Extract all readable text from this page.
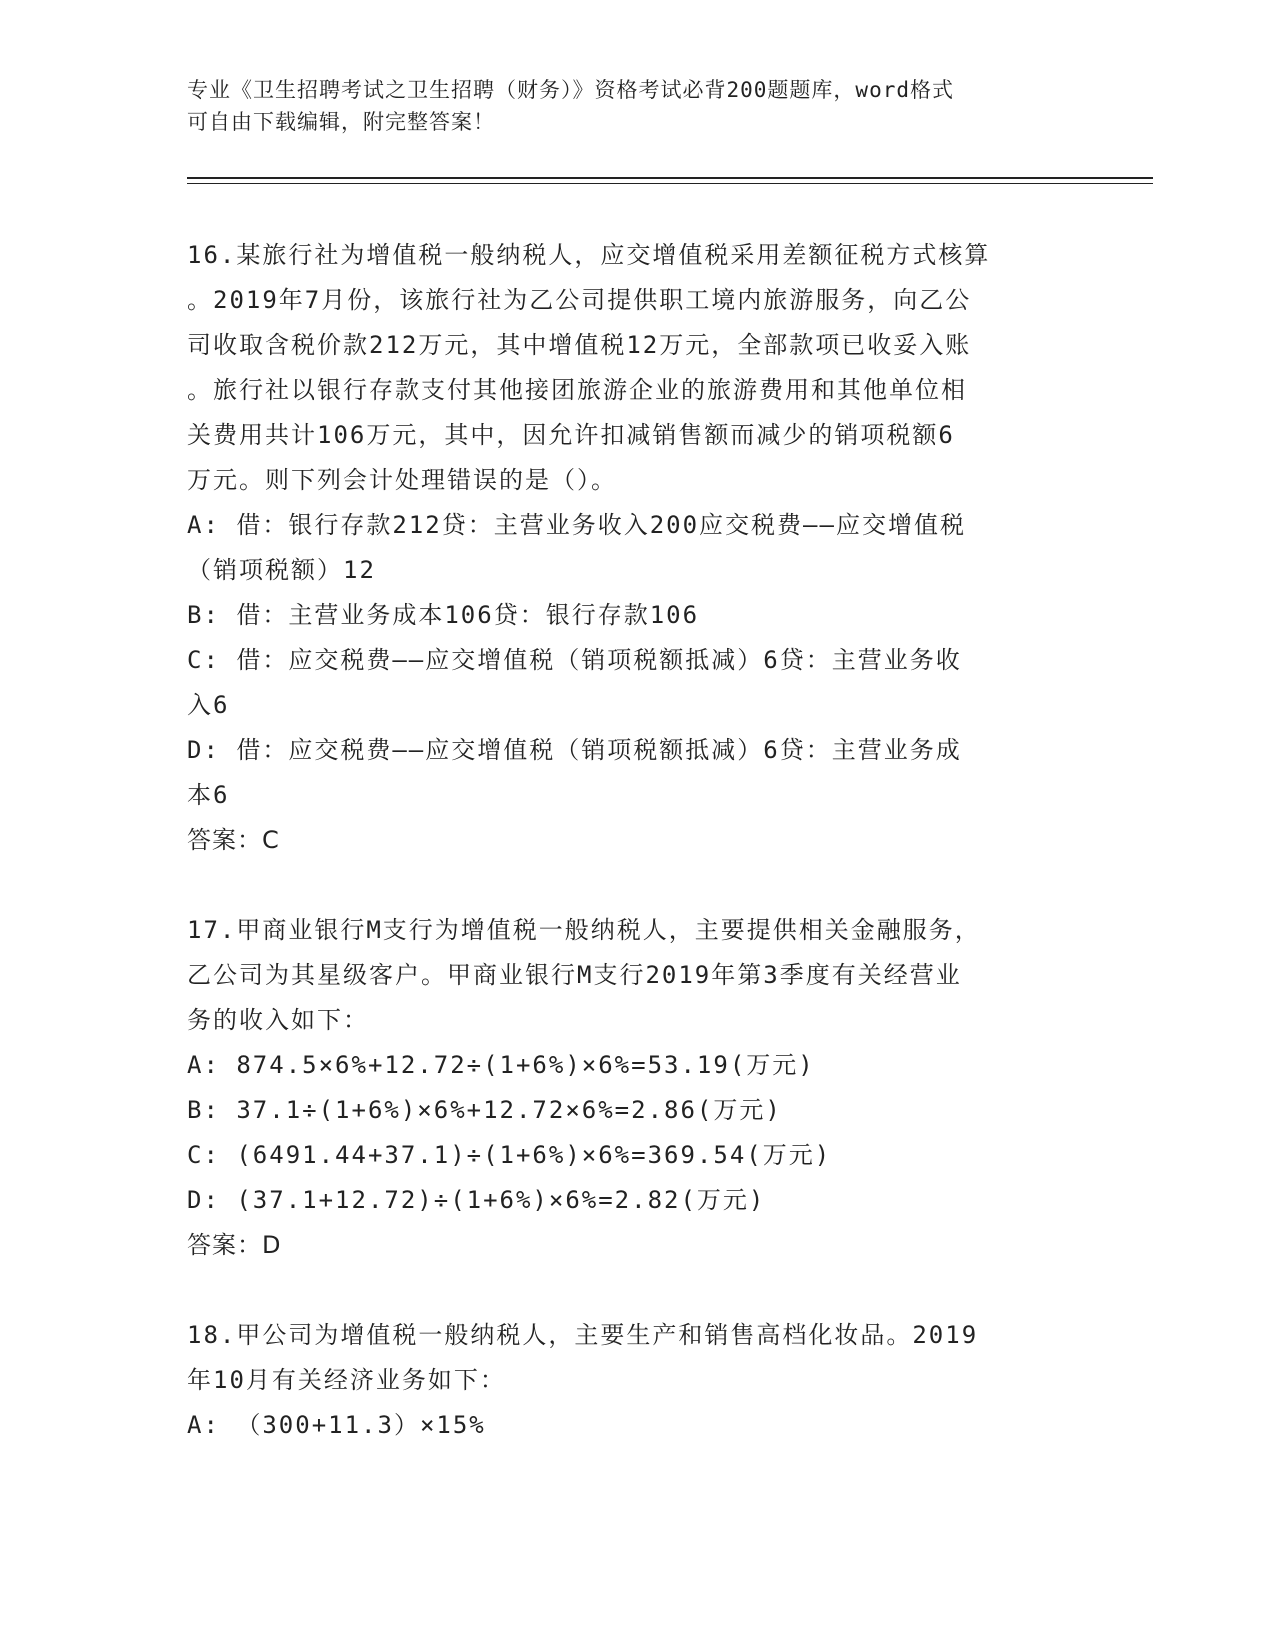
专业《卫生招聘考试之卫生招聘（财务）》资格考试必背200题题库，word格式
可自由下载编辑，附完整答案！

16.某旅行社为增值税一般纳税人，应交增值税采用差额征税方式核算

。2019年7月份，该旅行社为乙公司提供职工境内旅游服务，向乙公

司收取含税价款212万元，其中增值税12万元，全部款项已收妥入账

。旅行社以银行存款支付其他接团旅游企业的旅游费用和其他单位相

关费用共计106万元，其中，因允许扣减销售额而减少的销项税额6

万元。则下列会计处理错误的是（）。

A: 借：银行存款212贷：主营业务收入200应交税费——应交增值税

（销项税额）12

B: 借：主营业务成本106贷：银行存款106

C: 借：应交税费——应交增值税（销项税额抵减）6贷：主营业务收

入6

D: 借：应交税费——应交增值税（销项税额抵减）6贷：主营业务成

本6

答案：C

17.甲商业银行M支行为增值税一般纳税人，主要提供相关金融服务，

乙公司为其星级客户。甲商业银行M支行2019年第3季度有关经营业

务的收入如下：

A: 874.5×6%+12.72÷(1+6%)×6%=53.19(万元)

B: 37.1÷(1+6%)×6%+12.72×6%=2.86(万元)

C: (6491.44+37.1)÷(1+6%)×6%=369.54(万元)

D: (37.1+12.72)÷(1+6%)×6%=2.82(万元)

答案：D

18.甲公司为增值税一般纳税人，主要生产和销售高档化妆品。2019

年10月有关经济业务如下：

A: （300+11.3）×15%
